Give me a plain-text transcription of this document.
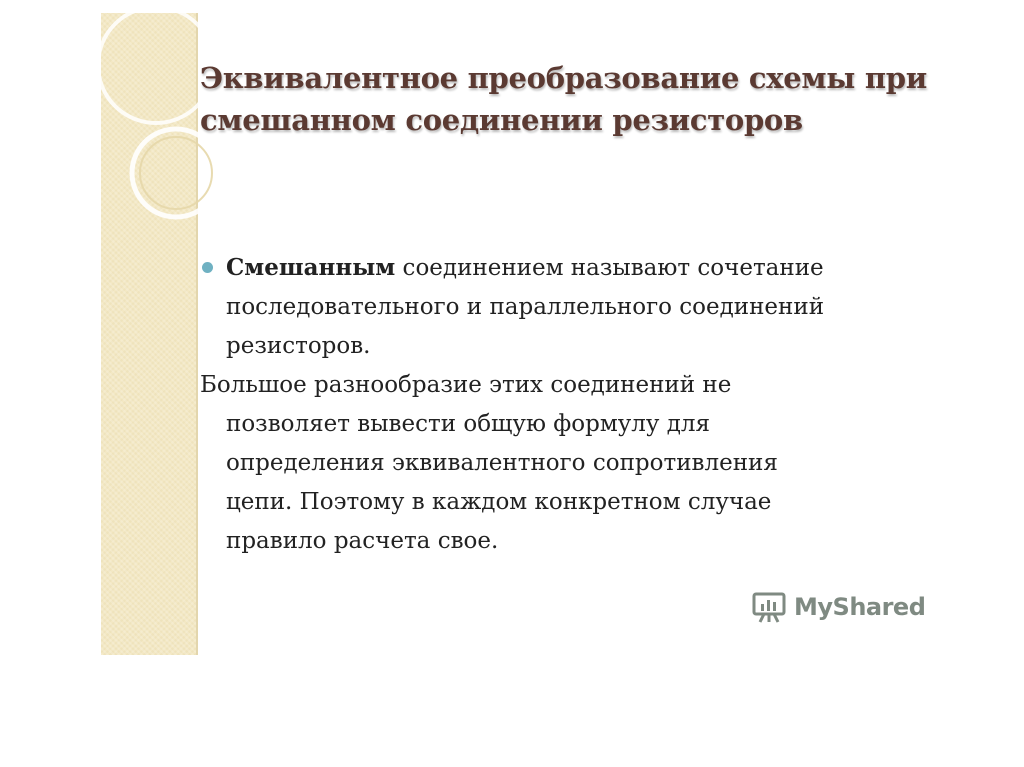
Эквивалентное преобразование схемы при
смешанном соединении резисторов

Смешанным соединением называют сочетание
последовательного и параллельного соединений
резисторов.

Большое разнообразие этих соединений не
позволяет вывести общую формулу для
определения эквивалентного сопротивления
цепи. Поэтому в каждом конкретном случае
правило расчета свое.

MyShared
